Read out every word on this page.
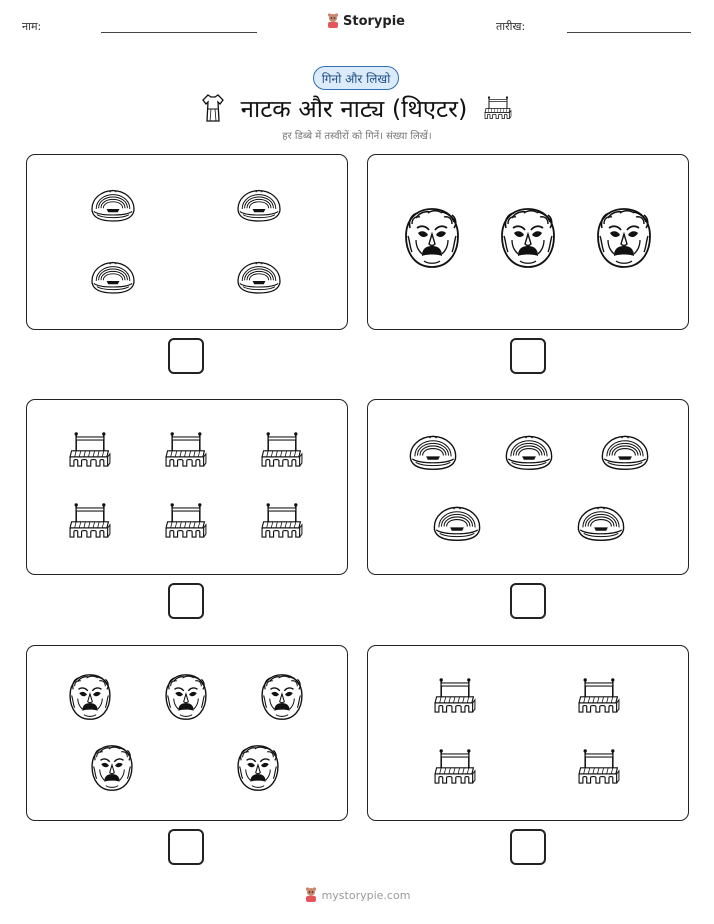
नाम:	Storypie	तारीख:
गिनो और लिखो
नाटक और नाट्य (थिएटर)
हर डिब्बे में तस्वीरों को गिनें। संख्या लिखें।
mystorypie.com
